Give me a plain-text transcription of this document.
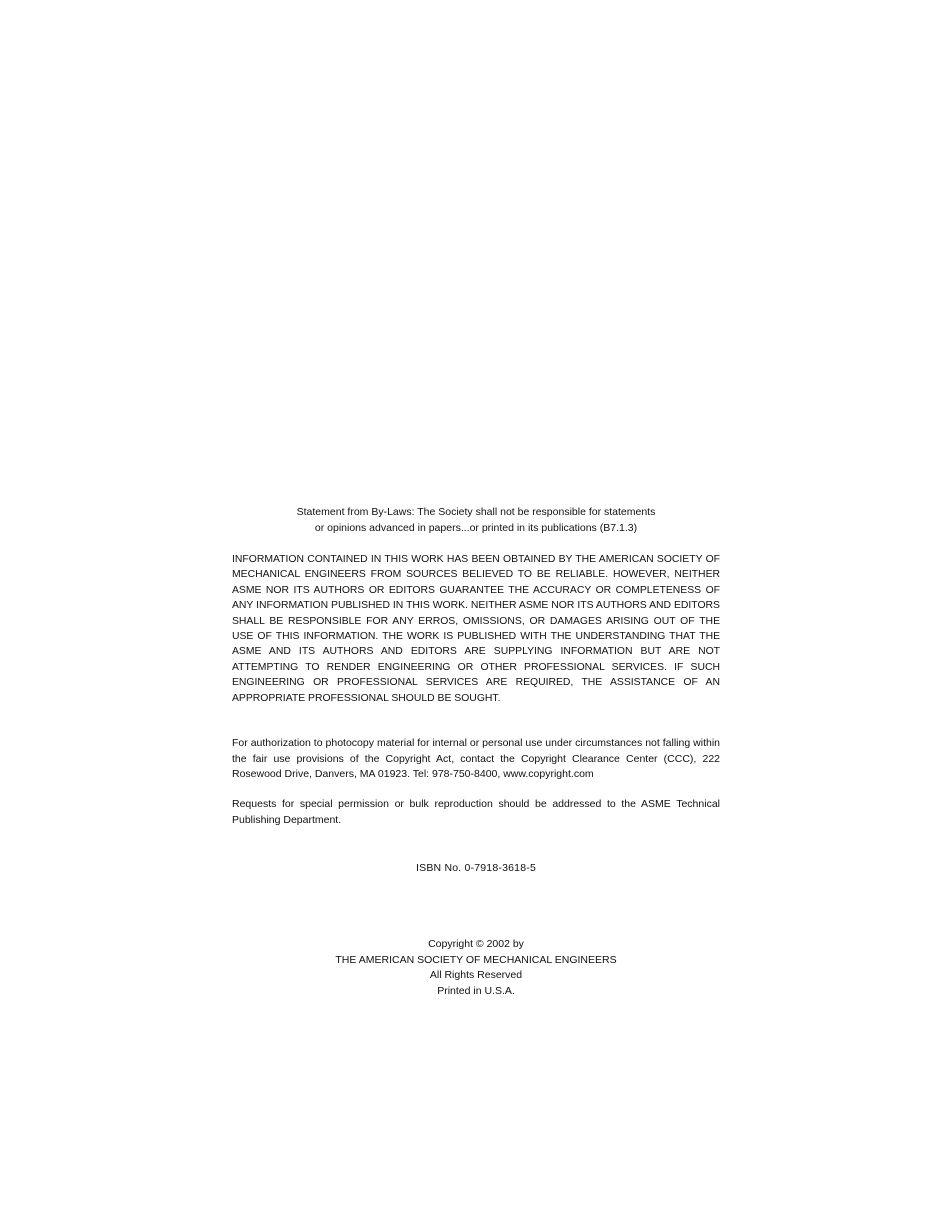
Statement from By-Laws: The Society shall not be responsible for statements

or opinions advanced in papers...or printed in its publications (B7.1.3)

INFORMATION CONTAINED IN THIS WORK HAS BEEN OBTAINED BY THE AMERICAN SOCIETY OF MECHANICAL ENGINEERS FROM SOURCES BELIEVED TO BE RELIABLE. HOWEVER, NEITHER ASME NOR ITS AUTHORS OR EDITORS GUARANTEE THE ACCURACY OR COMPLETENESS OF ANY INFORMATION PUBLISHED IN THIS WORK. NEITHER ASME NOR ITS AUTHORS AND EDITORS SHALL BE RESPONSIBLE FOR ANY ERROS, OMISSIONS, OR DAMAGES ARISING OUT OF THE USE OF THIS INFORMATION. THE WORK IS PUBLISHED WITH THE UNDERSTANDING THAT THE ASME AND ITS AUTHORS AND EDITORS ARE SUPPLYING INFORMATION BUT ARE NOT ATTEMPTING TO RENDER ENGINEERING OR OTHER PROFESSIONAL SERVICES. IF SUCH ENGINEERING OR PROFESSIONAL SERVICES ARE REQUIRED, THE ASSISTANCE OF AN APPROPRIATE PROFESSIONAL SHOULD BE SOUGHT.

For authorization to photocopy material for internal or personal use under circumstances not falling within the fair use provisions of the Copyright Act, contact the Copyright Clearance Center (CCC), 222 Rosewood Drive, Danvers, MA 01923. Tel: 978-750-8400, www.copyright.com

Requests for special permission or bulk reproduction should be addressed to the ASME Technical Publishing Department.

ISBN No. 0-7918-3618-5

Copyright © 2002 by

THE AMERICAN SOCIETY OF MECHANICAL ENGINEERS

All Rights Reserved

Printed in U.S.A.
